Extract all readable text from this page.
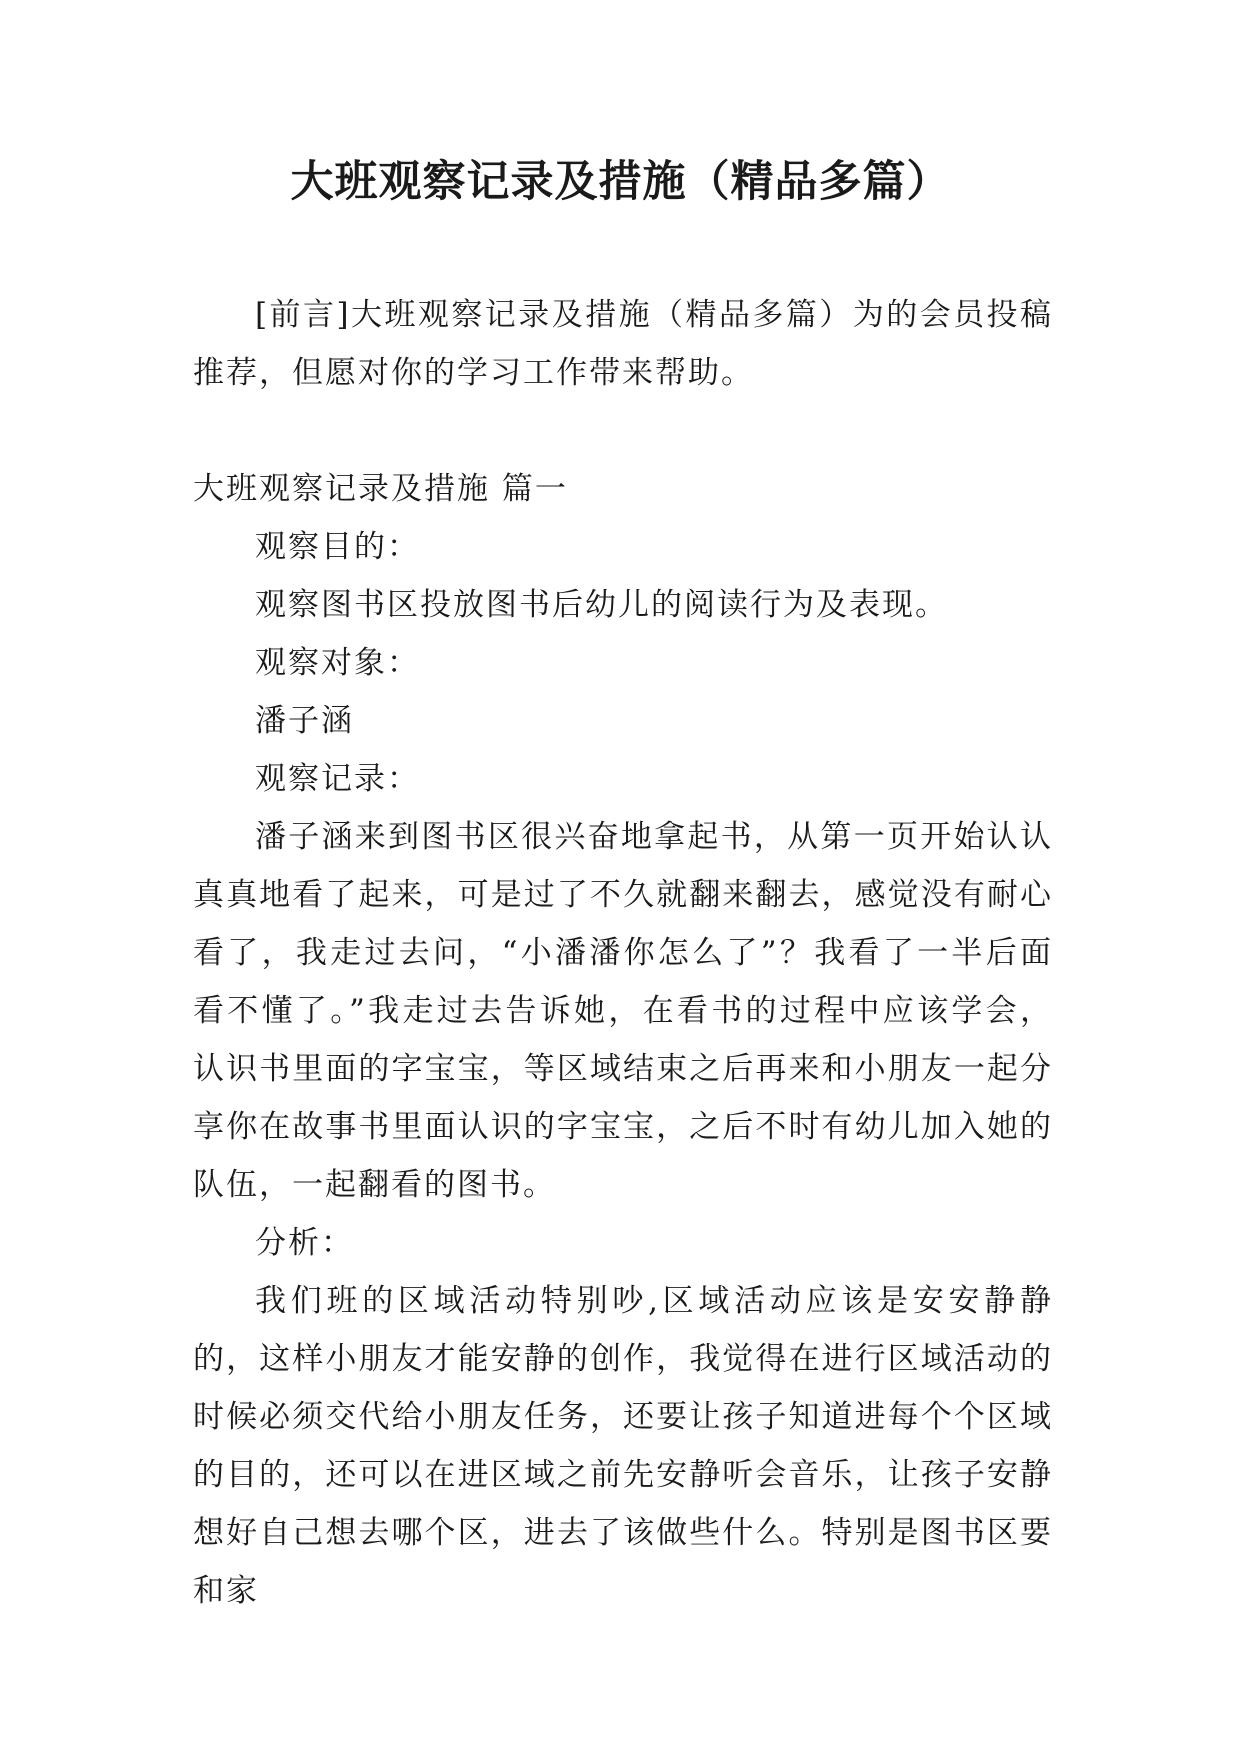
大班观察记录及措施（精品多篇）

[前言]大班观察记录及措施（精品多篇）为的会员投稿推荐，但愿对你的学习工作带来帮助。

大班观察记录及措施 篇一

观察目的：

观察图书区投放图书后幼儿的阅读行为及表现。

观察对象：

潘子涵

观察记录：

潘子涵来到图书区很兴奋地拿起书，从第一页开始认认真真地看了起来，可是过了不久就翻来翻去，感觉没有耐心看了，我走过去问，“小潘潘你怎么了”？我看了一半后面看不懂了。”我走过去告诉她，在看书的过程中应该学会，认识书里面的字宝宝，等区域结束之后再来和小朋友一起分享你在故事书里面认识的字宝宝，之后不时有幼儿加入她的队伍，一起翻看的图书。

分析：

我们班的区域活动特别吵,区域活动应该是安安静静的，这样小朋友才能安静的创作，我觉得在进行区域活动的时候必须交代给小朋友任务，还要让孩子知道进每个个区域的目的，还可以在进区域之前先安静听会音乐，让孩子安静想好自己想去哪个区，进去了该做些什么。特别是图书区要和家
